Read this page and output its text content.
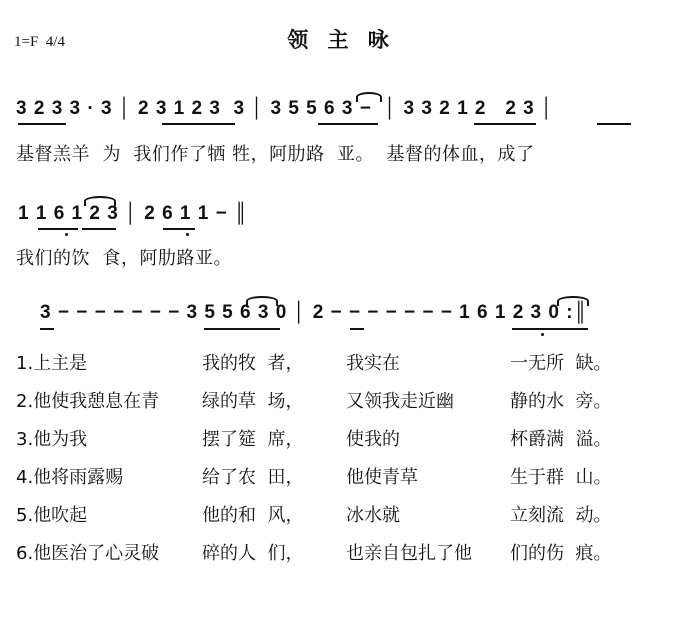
1=F  4/4	领 主 咏
3 2 3 3 · 3 │ 2 3 1 2 3  3 │ 3 5 5 6 3 −  │ 3 3 2 1 2   2 3 │
基督羔羊  为  我们作了牺 牲，阿肋路  亚。  基督的体血，成了
1 1 6 1 2 3 │ 2 6 1 1 − ║
我们的饮  食，阿肋路亚。
3 − − − − − − − 3 5 5 6 3 0 │ 2 − − − − − − − 1 6 1 2 3 0 :║

1.上主是

	我的牧  者，

我实在

	一无所  缺。

2.他使我憩息在青

绿的草  场，

又领我走近幽

	静的水  旁。

3.他为我

	摆了筵  席，

使我的

	杯爵满  溢。

4.他将雨露赐

	给了农  田，

他使青草

	生于群  山。

5.他吹起

	他的和  风，

冰水就

	立刻流  动。

6.他医治了心灵破

碎的人  们，

也亲自包扎了他

们的伤  痕。
